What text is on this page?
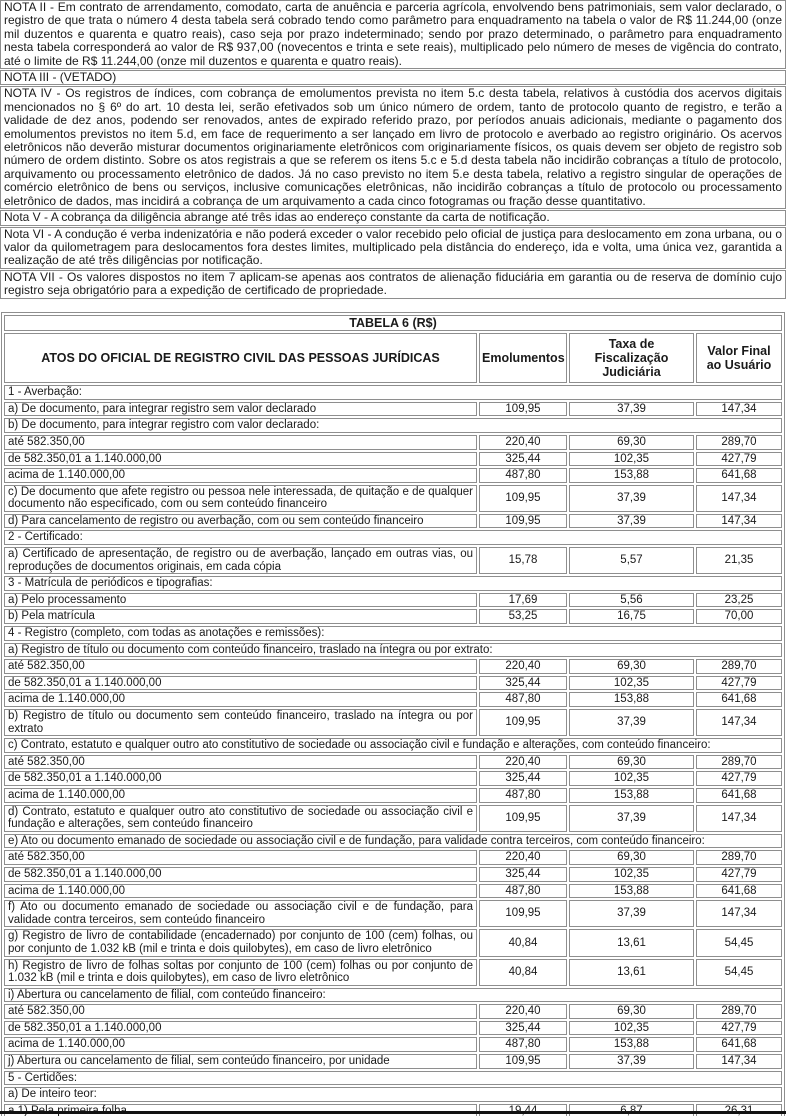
NOTA II - Em contrato de arrendamento, comodato, carta de anuência e parceria agrícola, envolvendo bens patrimoniais, sem valor declarado, o registro de que trata o número 4 desta tabela será cobrado tendo como parâmetro para enquadramento na tabela o valor de R$ 11.244,00 (onze mil duzentos e quarenta e quatro reais), caso seja por prazo indeterminado; sendo por prazo determinado, o parâmetro para enquadramento nesta tabela corresponderá ao valor de R$ 937,00 (novecentos e trinta e sete reais), multiplicado pelo número de meses de vigência do contrato, até o limite de R$ 11.244,00 (onze mil duzentos e quarenta e quatro reais).
NOTA III - (VETADO)
NOTA IV - Os registros de índices, com cobrança de emolumentos prevista no item 5.c desta tabela, relativos à custódia dos acervos digitais mencionados no § 6º do art. 10 desta lei, serão efetivados sob um único número de ordem, tanto de protocolo quanto de registro, e terão a validade de dez anos, podendo ser renovados, antes de expirado referido prazo, por períodos anuais adicionais, mediante o pagamento dos emolumentos previstos no item 5.d, em face de requerimento a ser lançado em livro de protocolo e averbado ao registro originário. Os acervos eletrônicos não deverão misturar documentos originariamente eletrônicos com originariamente físicos, os quais devem ser objeto de registro sob número de ordem distinto. Sobre os atos registrais a que se referem os itens 5.c e 5.d desta tabela não incidirão cobranças a título de protocolo, arquivamento ou processamento eletrônico de dados. Já no caso previsto no item 5.e desta tabela, relativo a registro singular de operações de comércio eletrônico de bens ou serviços, inclusive comunicações eletrônicas, não incidirão cobranças a título de protocolo ou processamento eletrônico de dados, mas incidirá a cobrança de um arquivamento a cada cinco fotogramas ou fração desse quantitativo.
Nota V - A cobrança da diligência abrange até três idas ao endereço constante da carta de notificação.
Nota VI - A condução é verba indenizatória e não poderá exceder o valor recebido pelo oficial de justiça para deslocamento em zona urbana, ou o valor da quilometragem para deslocamentos fora destes limites, multiplicado pela distância do endereço, ida e volta, uma única vez, garantida a realização de até três diligências por notificação.
NOTA VII - Os valores dispostos no item 7 aplicam-se apenas aos contratos de alienação fiduciária em garantia ou de reserva de domínio cujo registro seja obrigatório para a expedição de certificado de propriedade.
TABELA 6 (R$)			
ATOS DO OFICIAL DE REGISTRO CIVIL DAS PESSOAS JURÍDICAS	Emolumentos	Taxa de Fiscalização Judiciária	Valor Final ao Usuário
1 - Averbação:			
a) De documento, para integrar registro sem valor declarado	109,95	37,39	147,34
b) De documento, para integrar registro com valor declarado:			
até 582.350,00	220,40	69,30	289,70
de 582.350,01 a 1.140.000,00	325,44	102,35	427,79
acima de 1.140.000,00	487,80	153,88	641,68
c) De documento que afete registro ou pessoa nele interessada, de quitação e de qualquer documento não especificado, com ou sem conteúdo financeiro	109,95	37,39	147,34
d) Para cancelamento de registro ou averbação, com ou sem conteúdo financeiro	109,95	37,39	147,34
2 - Certificado:			
a) Certificado de apresentação, de registro ou de averbação, lançado em outras vias, ou reproduções de documentos originais, em cada cópia	15,78	5,57	21,35
3 - Matrícula de periódicos e tipografias:			
a) Pelo processamento	17,69	5,56	23,25
b) Pela matrícula	53,25	16,75	70,00
4 - Registro (completo, com todas as anotações e remissões):			
a) Registro de título ou documento com conteúdo financeiro, traslado na íntegra ou por extrato:			
até 582.350,00	220,40	69,30	289,70
de 582.350,01 a 1.140.000,00	325,44	102,35	427,79
acima de 1.140.000,00	487,80	153,88	641,68
b) Registro de título ou documento sem conteúdo financeiro, traslado na íntegra ou por extrato	109,95	37,39	147,34
c) Contrato, estatuto e qualquer outro ato constitutivo de sociedade ou associação civil e fundação e alterações, com conteúdo financeiro:			
até 582.350,00	220,40	69,30	289,70
de 582.350,01 a 1.140.000,00	325,44	102,35	427,79
acima de 1.140.000,00	487,80	153,88	641,68
d) Contrato, estatuto e qualquer outro ato constitutivo de sociedade ou associação civil e fundação e alterações, sem conteúdo financeiro	109,95	37,39	147,34
e) Ato ou documento emanado de sociedade ou associação civil e de fundação, para validade contra terceiros, com conteúdo financeiro:			
até 582.350,00	220,40	69,30	289,70
de 582.350,01 a 1.140.000,00	325,44	102,35	427,79
acima de 1.140.000,00	487,80	153,88	641,68
f) Ato ou documento emanado de sociedade ou associação civil e de fundação, para validade contra terceiros, sem conteúdo financeiro	109,95	37,39	147,34
g) Registro de livro de contabilidade (encadernado) por conjunto de 100 (cem) folhas, ou por conjunto de 1.032 kB (mil e trinta e dois quilobytes), em caso de livro eletrônico	40,84	13,61	54,45
h) Registro de livro de folhas soltas por conjunto de 100 (cem) folhas ou por conjunto de 1.032 kB (mil e trinta e dois quilobytes), em caso de livro eletrônico	40,84	13,61	54,45
i) Abertura ou cancelamento de filial, com conteúdo financeiro:			
até 582.350,00	220,40	69,30	289,70
de 582.350,01 a 1.140.000,00	325,44	102,35	427,79
acima de 1.140.000,00	487,80	153,88	641,68
j) Abertura ou cancelamento de filial, sem conteúdo financeiro, por unidade	109,95	37,39	147,34
5 - Certidões:			
a) De inteiro teor:			
